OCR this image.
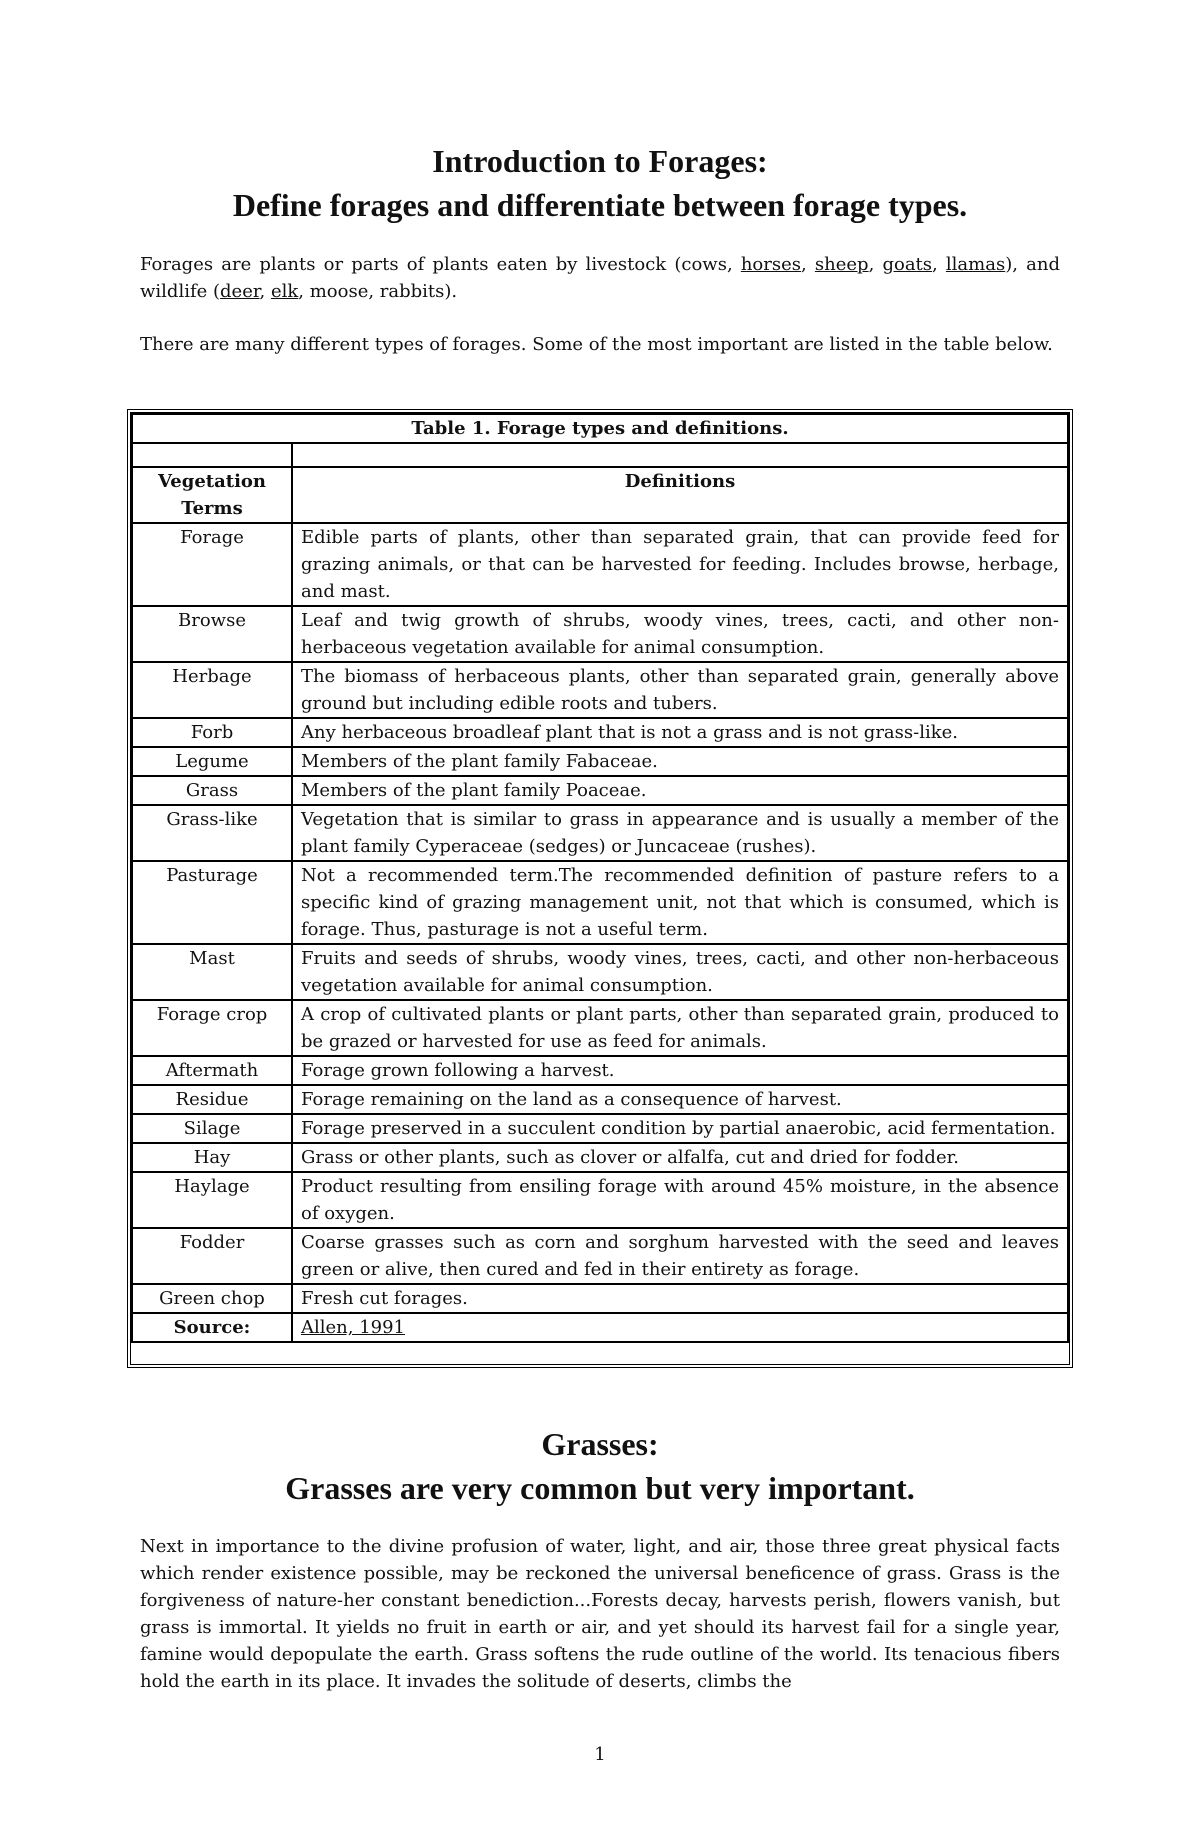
Introduction to Forages:
Define forages and differentiate between forage types.
Forages are plants or parts of plants eaten by livestock (cows, horses, sheep, goats, llamas), and wildlife (deer, elk, moose, rabbits).
There are many different types of forages. Some of the most important are listed in the table below.
Table 1. Forage types and definitions.	

Vegetation Terms	Definitions
Forage	Edible parts of plants, other than separated grain, that can provide feed for grazing animals, or that can be harvested for feeding. Includes browse, herbage, and mast.
Browse	Leaf and twig growth of shrubs, woody vines, trees, cacti, and other non-herbaceous vegetation available for animal consumption.
Herbage	The biomass of herbaceous plants, other than separated grain, generally above ground but including edible roots and tubers.
Forb	Any herbaceous broadleaf plant that is not a grass and is not grass-like.
Legume	Members of the plant family Fabaceae.
Grass	Members of the plant family Poaceae.
Grass-like	Vegetation that is similar to grass in appearance and is usually a member of the plant family Cyperaceae (sedges) or Juncaceae (rushes).
Pasturage	Not a recommended term.The recommended definition of pasture refers to a specific kind of grazing management unit, not that which is consumed, which is forage. Thus, pasturage is not a useful term.
Mast	Fruits and seeds of shrubs, woody vines, trees, cacti, and other non-herbaceous vegetation available for animal consumption.
Forage crop	A crop of cultivated plants or plant parts, other than separated grain, produced to be grazed or harvested for use as feed for animals.
Aftermath	Forage grown following a harvest.
Residue	Forage remaining on the land as a consequence of harvest.
Silage	Forage preserved in a succulent condition by partial anaerobic, acid fermentation.
Hay	Grass or other plants, such as clover or alfalfa, cut and dried for fodder.
Haylage	Product resulting from ensiling forage with around 45% moisture, in the absence of oxygen.
Fodder	Coarse grasses such as corn and sorghum harvested with the seed and leaves green or alive, then cured and fed in their entirety as forage.
Green chop	Fresh cut forages.
Source:	Allen, 1991
Grasses:
Grasses are very common but very important.
Next in importance to the divine profusion of water, light, and air, those three great physical facts which render existence possible, may be reckoned the universal beneficence of grass. Grass is the forgiveness of nature-her constant benediction...Forests decay, harvests perish, flowers vanish, but grass is immortal. It yields no fruit in earth or air, and yet should its harvest fail for a single year, famine would depopulate the earth. Grass softens the rude outline of the world. Its tenacious fibers hold the earth in its place. It invades the solitude of deserts, climbs the
1
